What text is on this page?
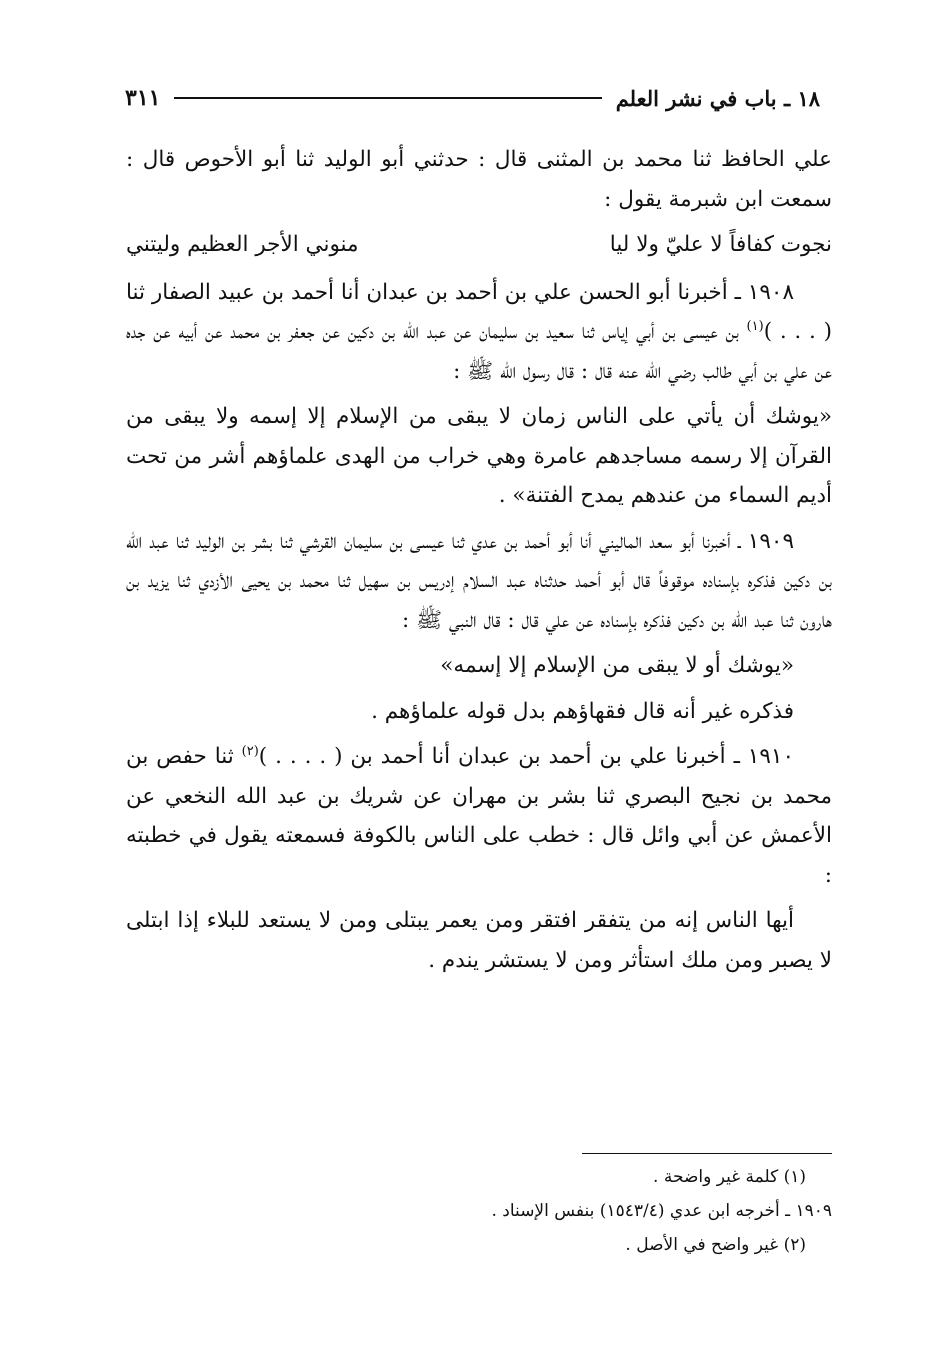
١٨ ـ باب في نشر العلم
٣١١

علي الحافظ ثنا محمد بن المثنى قال : حدثني أبو الوليد ثنا أبو الأحوص قال : سمعت ابن شبرمة يقول :

نجوت كفافاً لا عليّ ولا ليا
منوني الأجر العظيم وليتني

١٩٠٨ ـ أخبرنا أبو الحسن علي بن أحمد بن عبدان أنا أحمد بن عبيد الصفار ثنا ( . . . )$^{(١)}$ بن عيسى بن أبي إياس ثنا سعيد بن سليمان عن عبد الله بن دكين عن جعفر بن محمد عن أبيه عن جده عن علي بن أبي طالب رضي الله عنه قال : قال رسول الله ﷺ :

«يوشك أن يأتي على الناس زمان لا يبقى من الإسلام إلا إسمه ولا يبقى من القرآن إلا رسمه مساجدهم عامرة وهي خراب من الهدى علماؤهم أشر من تحت أديم السماء من عندهم يمدح الفتنة» .

١٩٠٩ ـ أخبرنا أبو سعد الماليني أنا أبو أحمد بن عدي ثنا عيسى بن سليمان القرشي ثنا بشر بن الوليد ثنا عبد الله بن دكين فذكره بإسناده موقوفاً قال أبو أحمد حدثناه عبد السلام إدريس بن سهيل ثنا محمد بن يحيى الأزدي ثنا يزيد بن هارون ثنا عبد الله بن دكين فذكره بإسناده عن علي قال : قال النبي ﷺ :

«يوشك أو لا يبقى من الإسلام إلا إسمه»

فذكره غير أنه قال فقهاؤهم بدل قوله علماؤهم .

١٩١٠ ـ أخبرنا علي بن أحمد بن عبدان أنا أحمد بن ( . . . . )$^{(٢)}$ ثنا حفص بن محمد بن نجيح البصري ثنا بشر بن مهران عن شريك بن عبد الله النخعي عن الأعمش عن أبي وائل قال : خطب على الناس بالكوفة فسمعته يقول في خطبته :

أيها الناس إنه من يتفقر افتقر ومن يعمر يبتلى ومن لا يستعد للبلاء إذا ابتلى لا يصبر ومن ملك استأثر ومن لا يستشر يندم .

(١) كلمة غير واضحة .
١٩٠٩ ـ أخرجه ابن عدي (١٥٤٣/٤) بنفس الإسناد .
(٢) غير واضح في الأصل .
